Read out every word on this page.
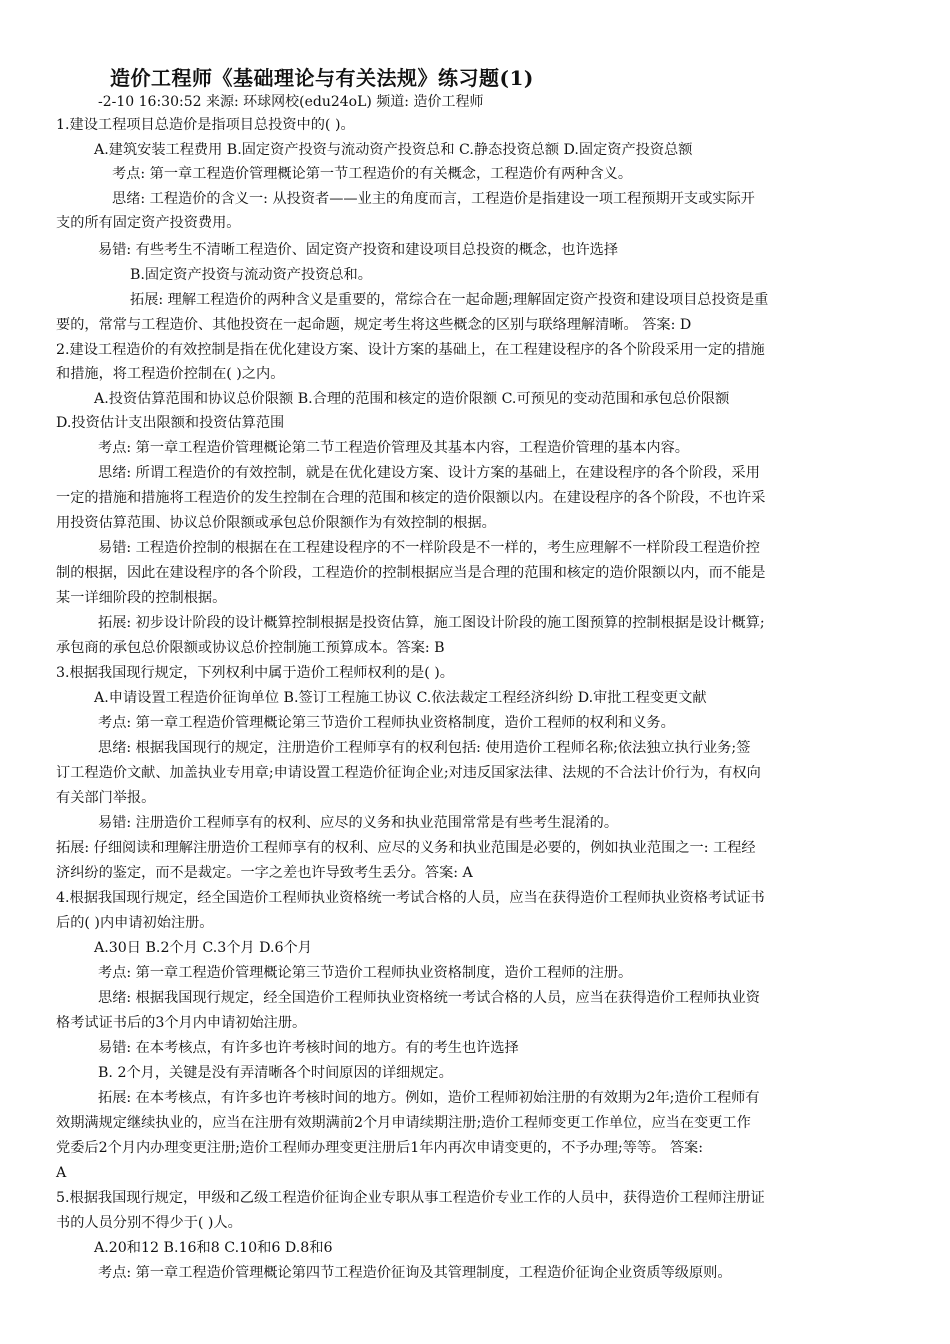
造价工程师《基础理论与有关法规》练习题(1)
-2-10 16:30:52 来源: 环球网校(edu24oL) 频道: 造价工程师
1.建设工程项目总造价是指项目总投资中的( )。
A.建筑安装工程费用 B.固定资产投资与流动资产投资总和 C.静态投资总额 D.固定资产投资总额
考点: 第一章工程造价管理概论第一节工程造价的有关概念，工程造价有两种含义。
思绪: 工程造价的含义一: 从投资者——业主的角度而言，工程造价是指建设一项工程预期开支或实际开
支的所有固定资产投资费用。
易错: 有些考生不清晰工程造价、固定资产投资和建设项目总投资的概念，也许选择
B.固定资产投资与流动资产投资总和。
拓展: 理解工程造价的两种含义是重要的，常综合在一起命题;理解固定资产投资和建设项目总投资是重
要的，常常与工程造价、其他投资在一起命题，规定考生将这些概念的区别与联络理解清晰。 答案: D
2.建设工程造价的有效控制是指在优化建设方案、设计方案的基础上，在工程建设程序的各个阶段采用一定的措施
和措施，将工程造价控制在( )之内。
A.投资估算范围和协议总价限额 B.合理的范围和核定的造价限额 C.可预见的变动范围和承包总价限额
D.投资估计支出限额和投资估算范围
考点: 第一章工程造价管理概论第二节工程造价管理及其基本内容，工程造价管理的基本内容。
思绪: 所谓工程造价的有效控制，就是在优化建设方案、设计方案的基础上，在建设程序的各个阶段，采用
一定的措施和措施将工程造价的发生控制在合理的范围和核定的造价限额以内。在建设程序的各个阶段，不也许采
用投资估算范围、协议总价限额或承包总价限额作为有效控制的根据。
易错: 工程造价控制的根据在在工程建设程序的不一样阶段是不一样的，考生应理解不一样阶段工程造价控
制的根据，因此在建设程序的各个阶段，工程造价的控制根据应当是合理的范围和核定的造价限额以内，而不能是
某一详细阶段的控制根据。
拓展: 初步设计阶段的设计概算控制根据是投资估算，施工图设计阶段的施工图预算的控制根据是设计概算;
承包商的承包总价限额或协议总价控制施工预算成本。答案: B
3.根据我国现行规定，下列权利中属于造价工程师权利的是( )。
A.申请设置工程造价征询单位 B.签订工程施工协议 C.依法裁定工程经济纠纷 D.审批工程变更文献
考点: 第一章工程造价管理概论第三节造价工程师执业资格制度，造价工程师的权利和义务。
思绪: 根据我国现行的规定，注册造价工程师享有的权利包括: 使用造价工程师名称;依法独立执行业务;签
订工程造价文献、加盖执业专用章;申请设置工程造价征询企业;对违反国家法律、法规的不合法计价行为，有权向
有关部门举报。
易错: 注册造价工程师享有的权利、应尽的义务和执业范围常常是有些考生混淆的。
拓展: 仔细阅读和理解注册造价工程师享有的权利、应尽的义务和执业范围是必要的，例如执业范围之一: 工程经
济纠纷的鉴定，而不是裁定。一字之差也许导致考生丢分。答案: A
4.根据我国现行规定，经全国造价工程师执业资格统一考试合格的人员，应当在获得造价工程师执业资格考试证书
后的( )内申请初始注册。
A.30日 B.2个月 C.3个月 D.6个月
考点: 第一章工程造价管理概论第三节造价工程师执业资格制度，造价工程师的注册。
思绪: 根据我国现行规定，经全国造价工程师执业资格统一考试合格的人员，应当在获得造价工程师执业资
格考试证书后的3个月内申请初始注册。
易错: 在本考核点，有许多也许考核时间的地方。有的考生也许选择
B. 2个月，关键是没有弄清晰各个时间原因的详细规定。
拓展: 在本考核点，有许多也许考核时间的地方。例如，造价工程师初始注册的有效期为2年;造价工程师有
效期满规定继续执业的，应当在注册有效期满前2个月申请续期注册;造价工程师变更工作单位，应当在变更工作
党委后2个月内办理变更注册;造价工程师办理变更注册后1年内再次申请变更的，不予办理;等等。 答案:
A
5.根据我国现行规定，甲级和乙级工程造价征询企业专职从事工程造价专业工作的人员中，获得造价工程师注册证
书的人员分别不得少于( )人。
A.20和12 B.16和8 C.10和6 D.8和6
考点: 第一章工程造价管理概论第四节工程造价征询及其管理制度，工程造价征询企业资质等级原则。
